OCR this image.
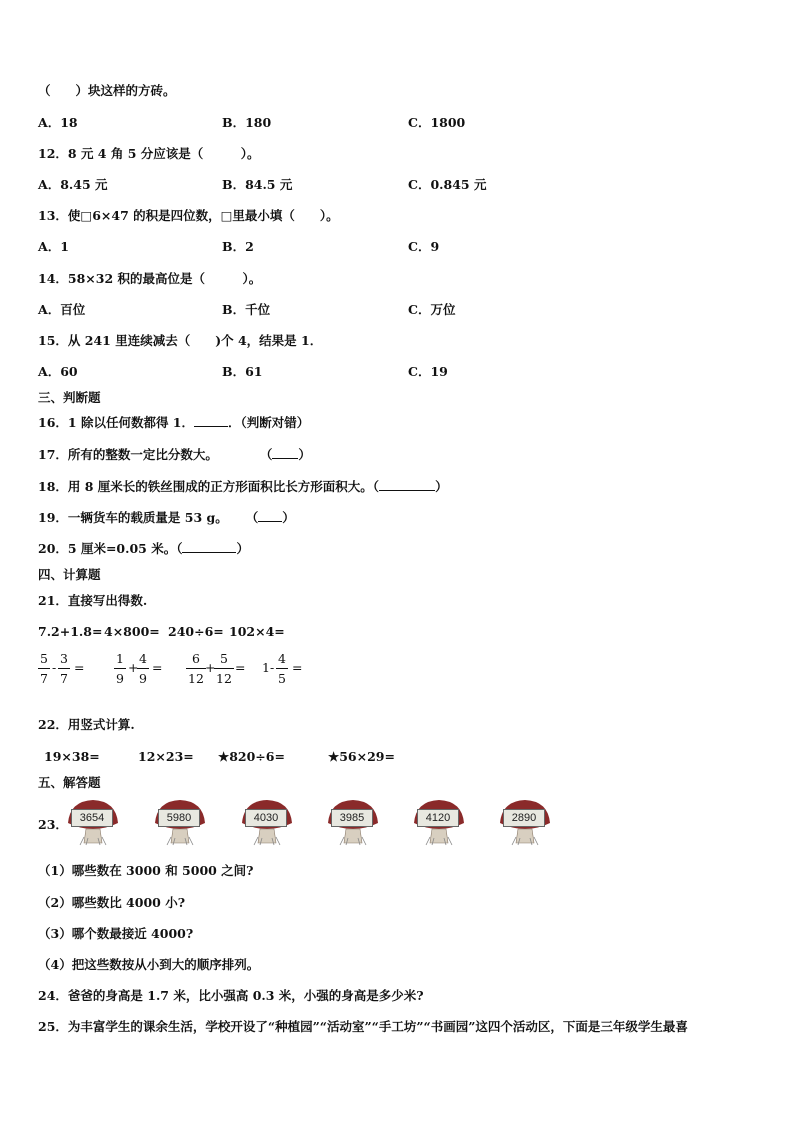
（　　）块这样的方砖。
A．18	B．180	C．1800
12．8 元 4 角 5 分应该是（　　　）。
A．8.45 元	B．84.5 元	C．0.845 元
13．使□6×47 的积是四位数，□里最小填（　　）。
A．1	B．2	C．9
14．58×32 积的最高位是（　　　）。
A．百位	B．千位	C．万位
15．从 241 里连续减去（　　)个 4，结果是 1．
A．60	B．61	C．19
三、判断题
16．1 除以任何数都得 1．	．（判断对错）
17．所有的整数一定比分数大。	（ ）
18．用 8 厘米长的铁丝围成的正方形面积比长方形面积大。（	）
19．一辆货车的载质量是 53 g。 （ ）
20．5 厘米=0.05 米。（	）
四、计算题
21．直接写出得数.
7.2+1.8= 4×800= 240÷6= 102×4=
5
7
-
3
7
=
1
9
+
4
9
=
6
12
+
5
12
= 1-
4
5
=
22．用竖式计算.
19×38=	12×23= ★820÷6=	★56×29=
五、解答题
23．	3654	5980	4030	3985	4120	2890
（1）哪些数在 3000 和 5000 之间?
（2）哪些数比 4000 小?
（3）哪个数最接近 4000?
（4）把这些数按从小到大的顺序排列。
24．爸爸的身高是 1.7 米，比小强高 0.3 米，小强的身高是多少米?
25．为丰富学生的课余生活，学校开设了“种植园”“活动室”“手工坊”“书画园”这四个活动区，下面是三年级学生最喜
